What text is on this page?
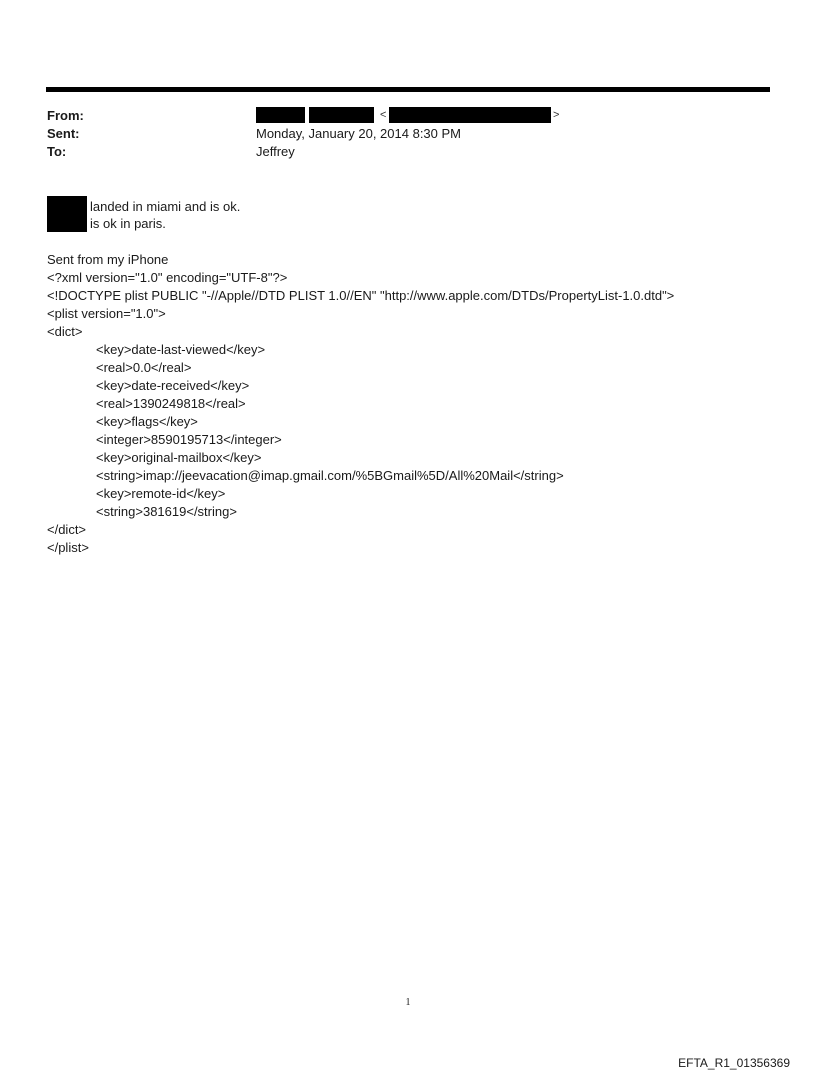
From:	<	>
Sent:	Monday, January 20, 2014 8:30 PM
To:	Jeffrey
landed in miami and is ok.
is ok in paris.
Sent from my iPhone
<?xml version="1.0" encoding="UTF-8"?>
<!DOCTYPE plist PUBLIC "-//Apple//DTD PLIST 1.0//EN" "http://www.apple.com/DTDs/PropertyList-1.0.dtd">
<plist version="1.0">
<dict>
<key>date-last-viewed</key>
<real>0.0</real>
<key>date-received</key>
<real>1390249818</real>
<key>flags</key>
<integer>8590195713</integer>
<key>original-mailbox</key>
<string>imap://jeevacation@imap.gmail.com/%5BGmail%5D/All%20Mail</string>
<key>remote-id</key>
<string>381619</string>
</dict>
</plist>
1
EFTA_R1_01356369
